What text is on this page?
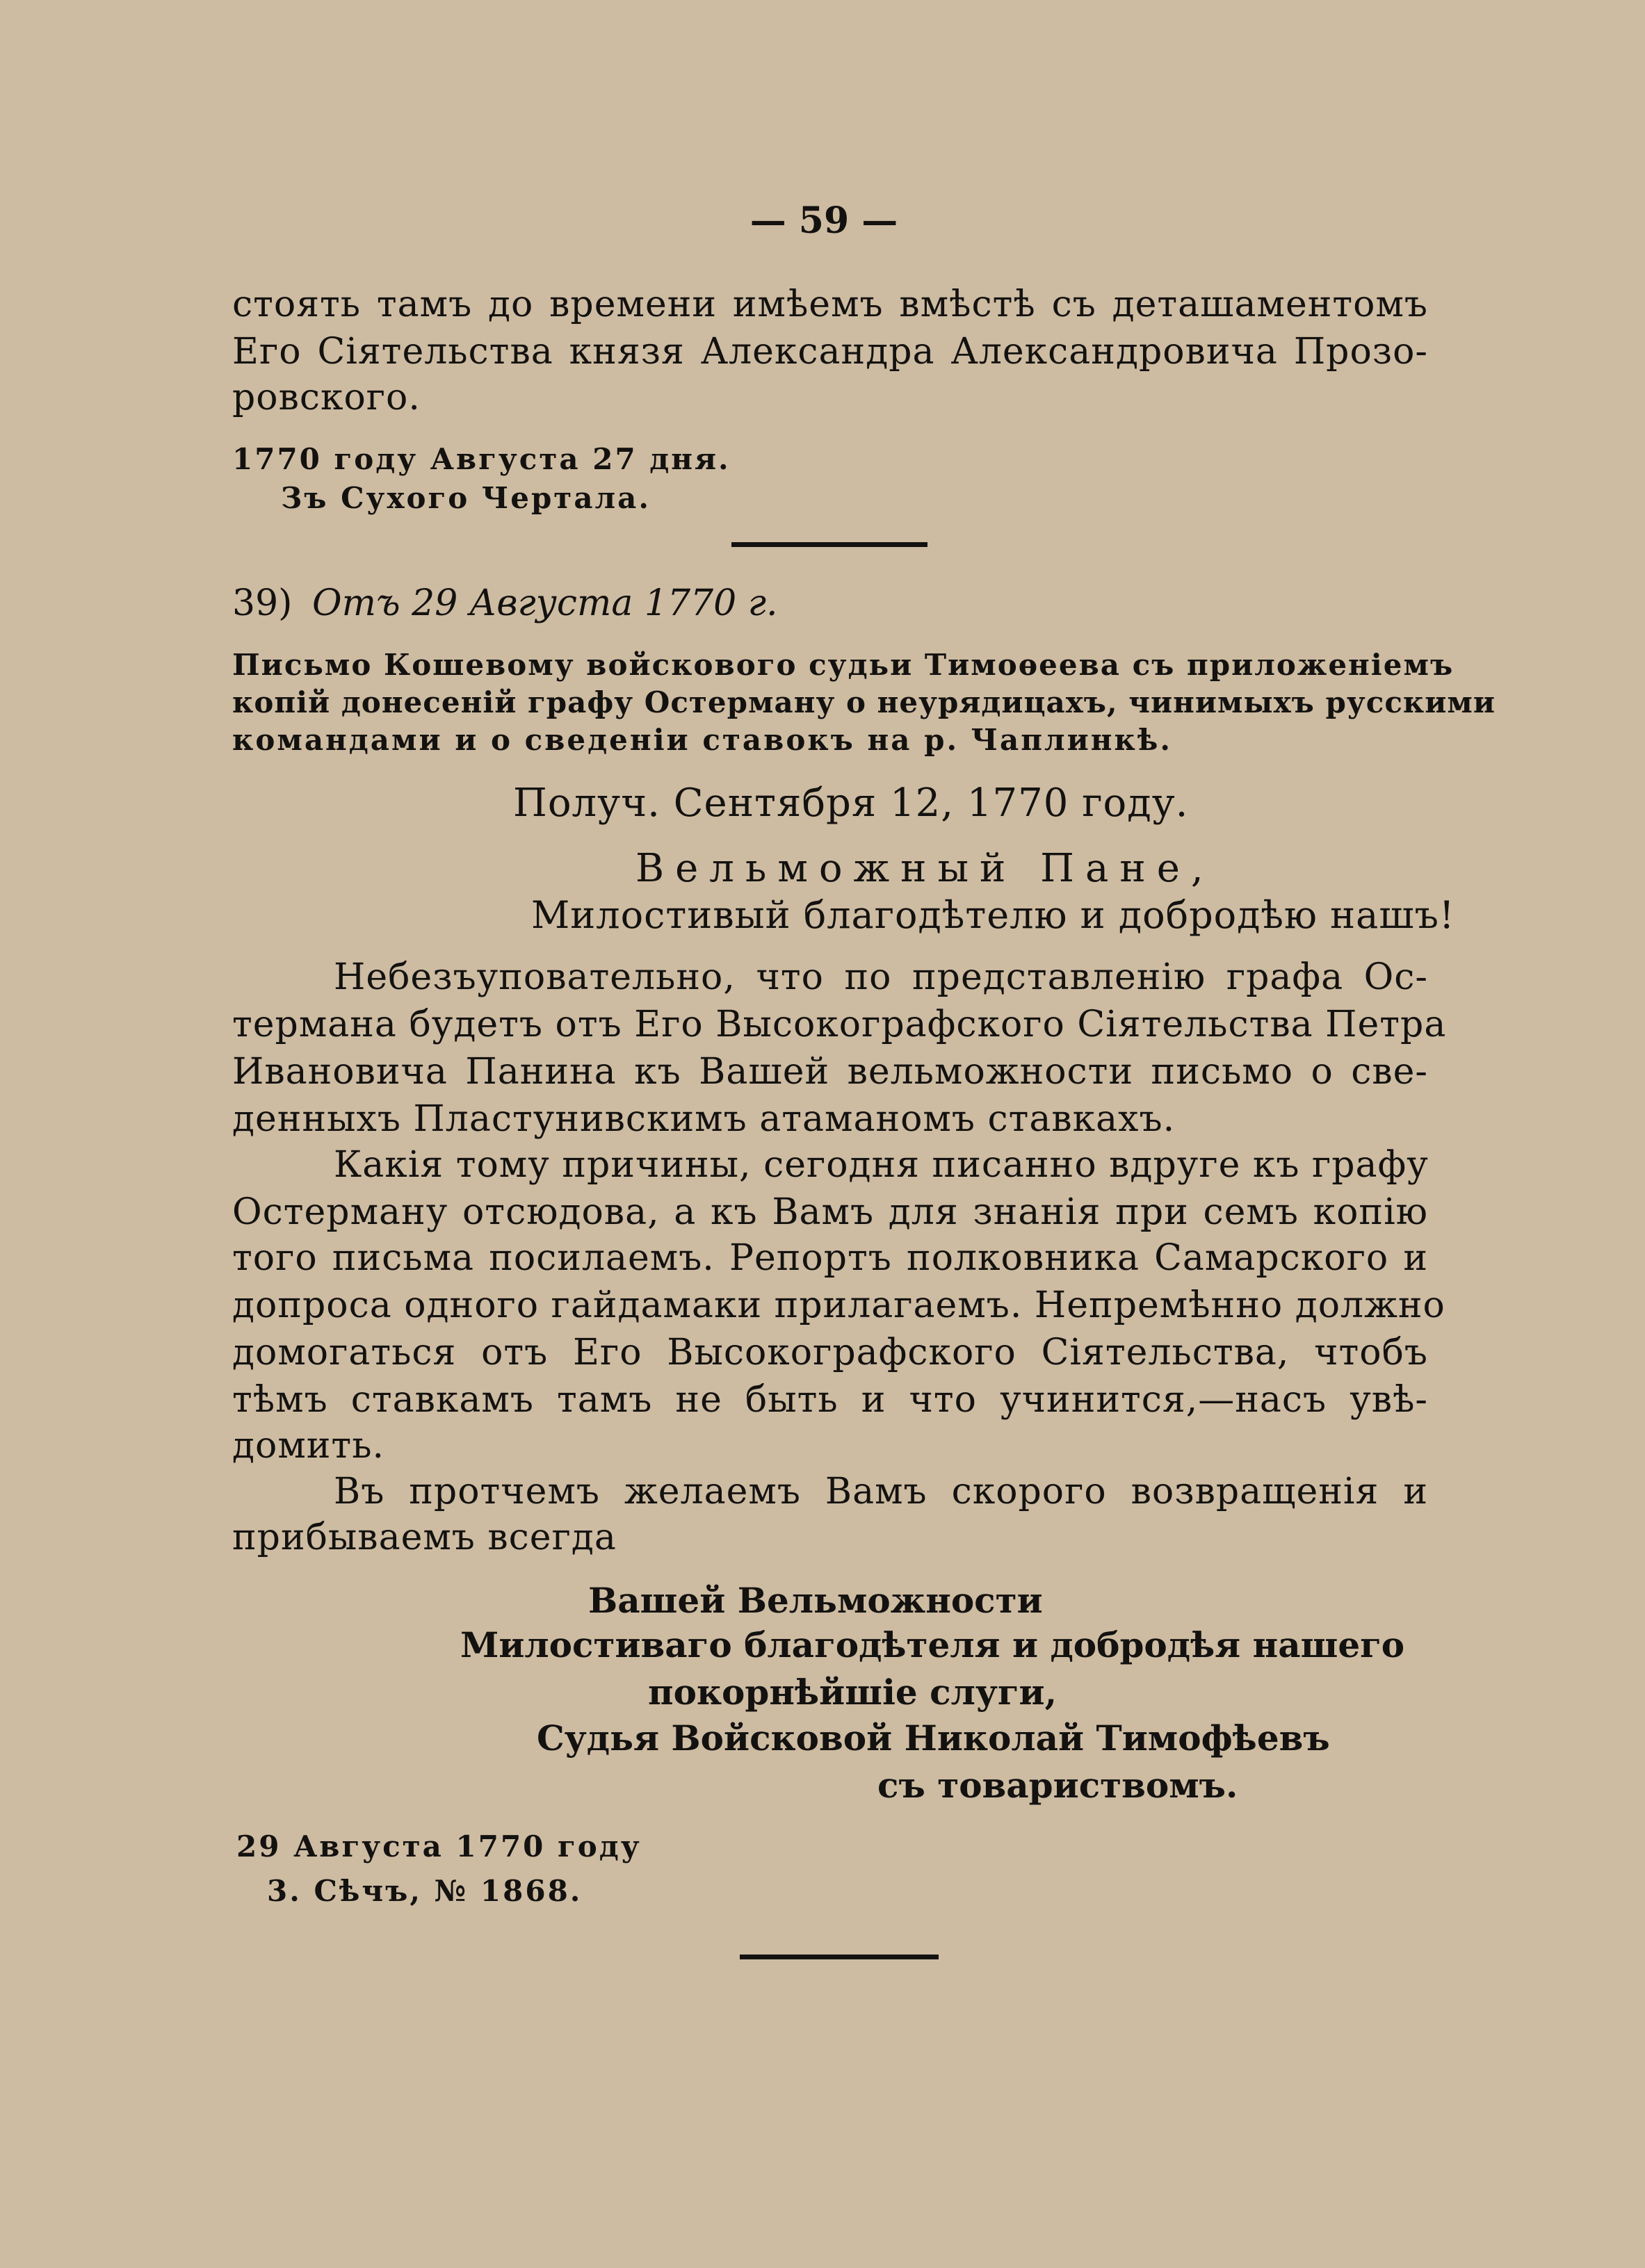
— 59 —
стоять тамъ до времени имѣемъ вмѣстѣ съ деташаментомъ
Его Сіятельства князя Александра Александровича Прозо-
ровского.
1770 году Августа 27 дня.
Зъ Сухого Чертала.
39) Отъ 29 Августа 1770 г.
Письмо Кошевому войскового судьи Тимоѳеева съ приложеніемъ
копій донесеній графу Остерману о неурядицахъ, чинимыхъ русскими
командами и о сведеніи ставокъ на р. Чаплинкѣ.
Получ. Сентября 12, 1770 году.
Вельможный Пане,
Милостивый благодѣтелю и добродѣю нашъ!
Небезъуповательно, что по представленію графа Ос-
термана будетъ отъ Его Высокографского Сіятельства Петра
Ивановича Панина къ Вашей вельможности письмо о све-
денныхъ Пластунивскимъ атаманомъ ставкахъ.
Какія тому причины, сегодня писанно вдруге къ графу
Остерману отсюдова, а къ Вамъ для знанія при семъ копію
того письма посилаемъ. Репортъ полковника Самарского и
допроса одного гайдамаки прилагаемъ. Непремѣнно должно
домогаться отъ Его Высокографского Сіятельства, чтобъ
тѣмъ ставкамъ тамъ не быть и что учинится,—насъ увѣ-
домить.
Въ протчемъ желаемъ Вамъ скорого возвращенія и
прибываемъ всегда
Вашей Вельможности
Милостиваго благодѣтеля и добродѣя нашего
покорнѣйшіе слуги,
Судья Войсковой Николай Тимофѣевъ
съ товариствомъ.
29 Августа 1770 году
3. Сѣчъ, № 1868.
